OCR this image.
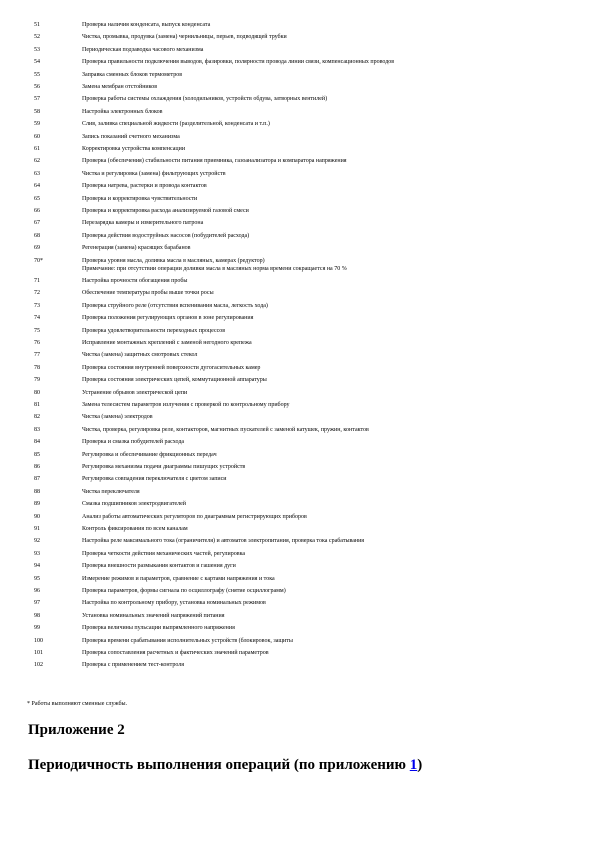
51	Проверка наличия конденсата, выпуск конденсата
52	Чистка, промывка, продувка (замена) чернильницы, перьев, подводящей трубки
53	Периодическая подзаводка часового механизма
54	Проверка правильности подключения выводов, фазировки, полярности провода линии связи, компенсационных проводов
55	Заправка сменных блоков термометров
56	Замена мембран отстойников
57	Проверка работы системы охлаждения (холодильников, устройств обдува, затворных вентилей)
58	Настройка электронных блоков
59	Слив, заливка специальной жидкости (разделительной, конденсата и т.п.)
60	Запись показаний счетного механизма
61	Корректировка устройства компенсации
62	Проверка (обеспечения) стабильности питания приемника, газоанализатора и компаратора напряжения
63	Чистка и регулировка (замена) фильтрующих устройств
64	Проверка натрева, растерки и провода контактов
65	Проверка и корректировка чувствительности
66	Проверка и корректировка расхода анализируемой газовой смеси
67	Перезарядка камеры и измерительного патрона
68	Проверка действия водоструйных насосов (побудителей расхода)
69	Регенерация (замена) красящих барабанов
70*	Проверка уровня масла, доливка масла в масляных, камерах (редуктор)
Примечание: при отсутствии операции доливки масла в масляных норма времени сокращается на 70 %
71	Настройка прочности обогащения пробы
72	Обеспечение температуры пробы выше точки росы
73	Проверка струйного реле (отсутствия вспенивания масла, легкость хода)
74	Проверка положения регулирующих органов в зоне регулирования
75	Проверка удовлетворительности переходных процессов
76	Исправление монтажных креплений с заменой негодного крепежа
77	Чистка (замена) защитных смотровых стекол
78	Проверка состояния внутренней поверхности дугогасительных камер
79	Проверка состояния электрических цепей, коммутационной аппаратуры
80	Устранение обрывов электрической цепи
81	Замена телесистем параметров излучения с проверкой по контрольному прибору
82	Чистка (замена) электродов
83	Чистка, проверка, регулировка реле, контакторов, магнитных пускателей с заменой катушек, пружин, контактов
84	Проверка и смазка побудителей расхода
85	Регулировка и обеспечивание фрикционных передач
86	Регулировка механизма подачи диаграммы пишущих устройств
87	Регулировка совпадения переключателя с цветом записи
88	Чистка переключателя
89	Смазка подшипников электродвигателей
90	Анализ работы автоматических регуляторов по диаграммам регистрирующих приборов
91	Контроль фиксирования по всем каналам
92	Настройка реле максимального тока (ограничителя) и автоматов электропитания, проверка тока срабатывания
93	Проверка четкости действия механических частей, регулировка
94	Проверка внешности размыкания контактов и гашения дуги
95	Измерение режимов и параметров, сравнение с картами напряжения и тока
96	Проверка параметров, формы сигнала по осциллографу (снятие осциллограмм)
97	Настройка по контрольному прибору, установка номинальных режимов
98	Установка номинальных значений напряжений питания
99	Проверка величины пульсации выпрямленного напряжения
100	Проверка времени срабатывания исполнительных устройств (блокировок, защиты
101	Проверка сопоставления расчетных и фактических значений параметров
102	Проверка с применением тест-контроля
* Работы выполняют сменные службы.
Приложение 2
Периодичность выполнения операций (по приложению 1)
